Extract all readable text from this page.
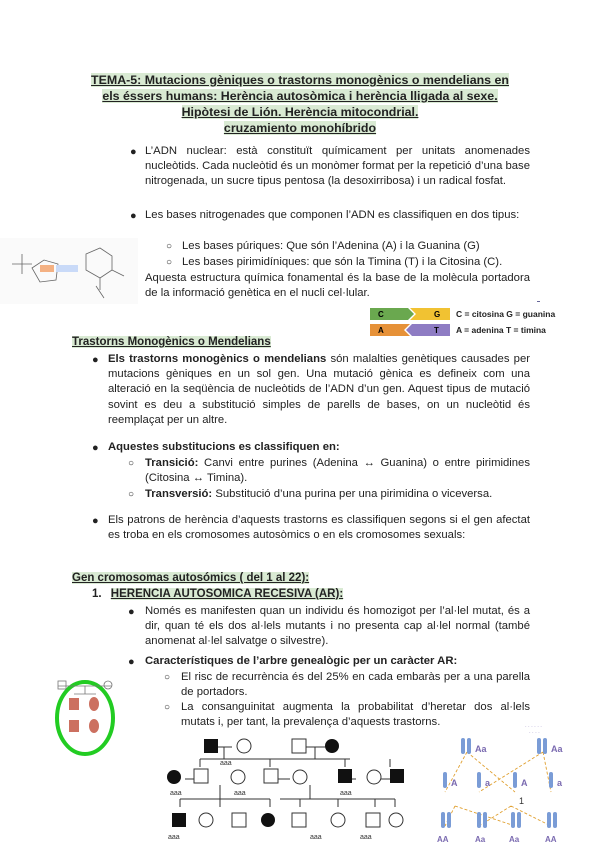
TEMA-5: Mutacions gèniques o trastorns monogènics o mendelians en
els éssers humans: Herència autosòmica i herència lligada al sexe.
Hipòtesi de Lión. Herència mitocondrial.
cruzamiento monohíbrido
● L’ADN nuclear: està constituït químicament per unitats anomenades nucleòtids. Cada nucleòtid és un monòmer format per la repetició d’una base nitrogenada, un sucre tipus pentosa (la desoxirribosa) i un radical fosfat.
● Les bases nitrogenades que componen l’ADN es classifiquen en dos tipus:
○ Les bases púriques: Que són l’Adenina (A) i la Guanina (G)
○ Les bases pirimidíniques: que són la Timina (T) i la Citosina (C).
Aquesta estructura química fonamental és la base de la molècula portadora de la informació genètica en el nucli cel·lular.
C	G C = citosina G = guanina
A	T A = adenina T = timina
Trastorns Monogènics o Mendelians
● Els trastorns monogènics o mendelians són malalties genètiques causades per mutacions gèniques en un sol gen. Una mutació gènica es defineix com una alteració en la seqüència de nucleòtids de l’ADN d’un gen. Aquest tipus de mutació sovint es deu a substitució simples de parells de bases, on un nucleòtid és reemplaçat per un altre.
● Aquestes substitucions es classifiquen en:
○ Transició: Canvi entre purines (Adenina ↔ Guanina) o entre pirimidines (Citosina ↔ Timina).
○ Transversió: Substitució d’una purina per una pirimidina o viceversa.
● Els patrons de herència d’aquests trastorns es classifiquen segons si el gen afectat es troba en els cromosomes autosòmics o en els cromosomes sexuals:
Gen cromosomas autosómics ( del 1 al 22):
1. HERENCIA AUTOSOMICA RECESIVA (AR):
● Només es manifesten quan un individu és homozigot per l’al·lel mutat, és a dir, quan té els dos al·lels mutants i no presenta cap al·lel normal (també anomenat al·lel salvatge o silvestre).
● Característiques de l’arbre genealògic per un caràcter AR:
○ El risc de recurrència és del 25% en cada embaràs per a una parella de portadors.
○ La consanguinitat augmenta la probabilitat d’heretar dos al·lels mutats i, per tant, la prevalença d’aquests trastorns.
ааа
ааа	ааа	ааа
ааа	ааа	ааа
Aa	Aa
A	a	A	a
AA	Aa	Aa	AA
1
· · · · · ·
· · · ·
